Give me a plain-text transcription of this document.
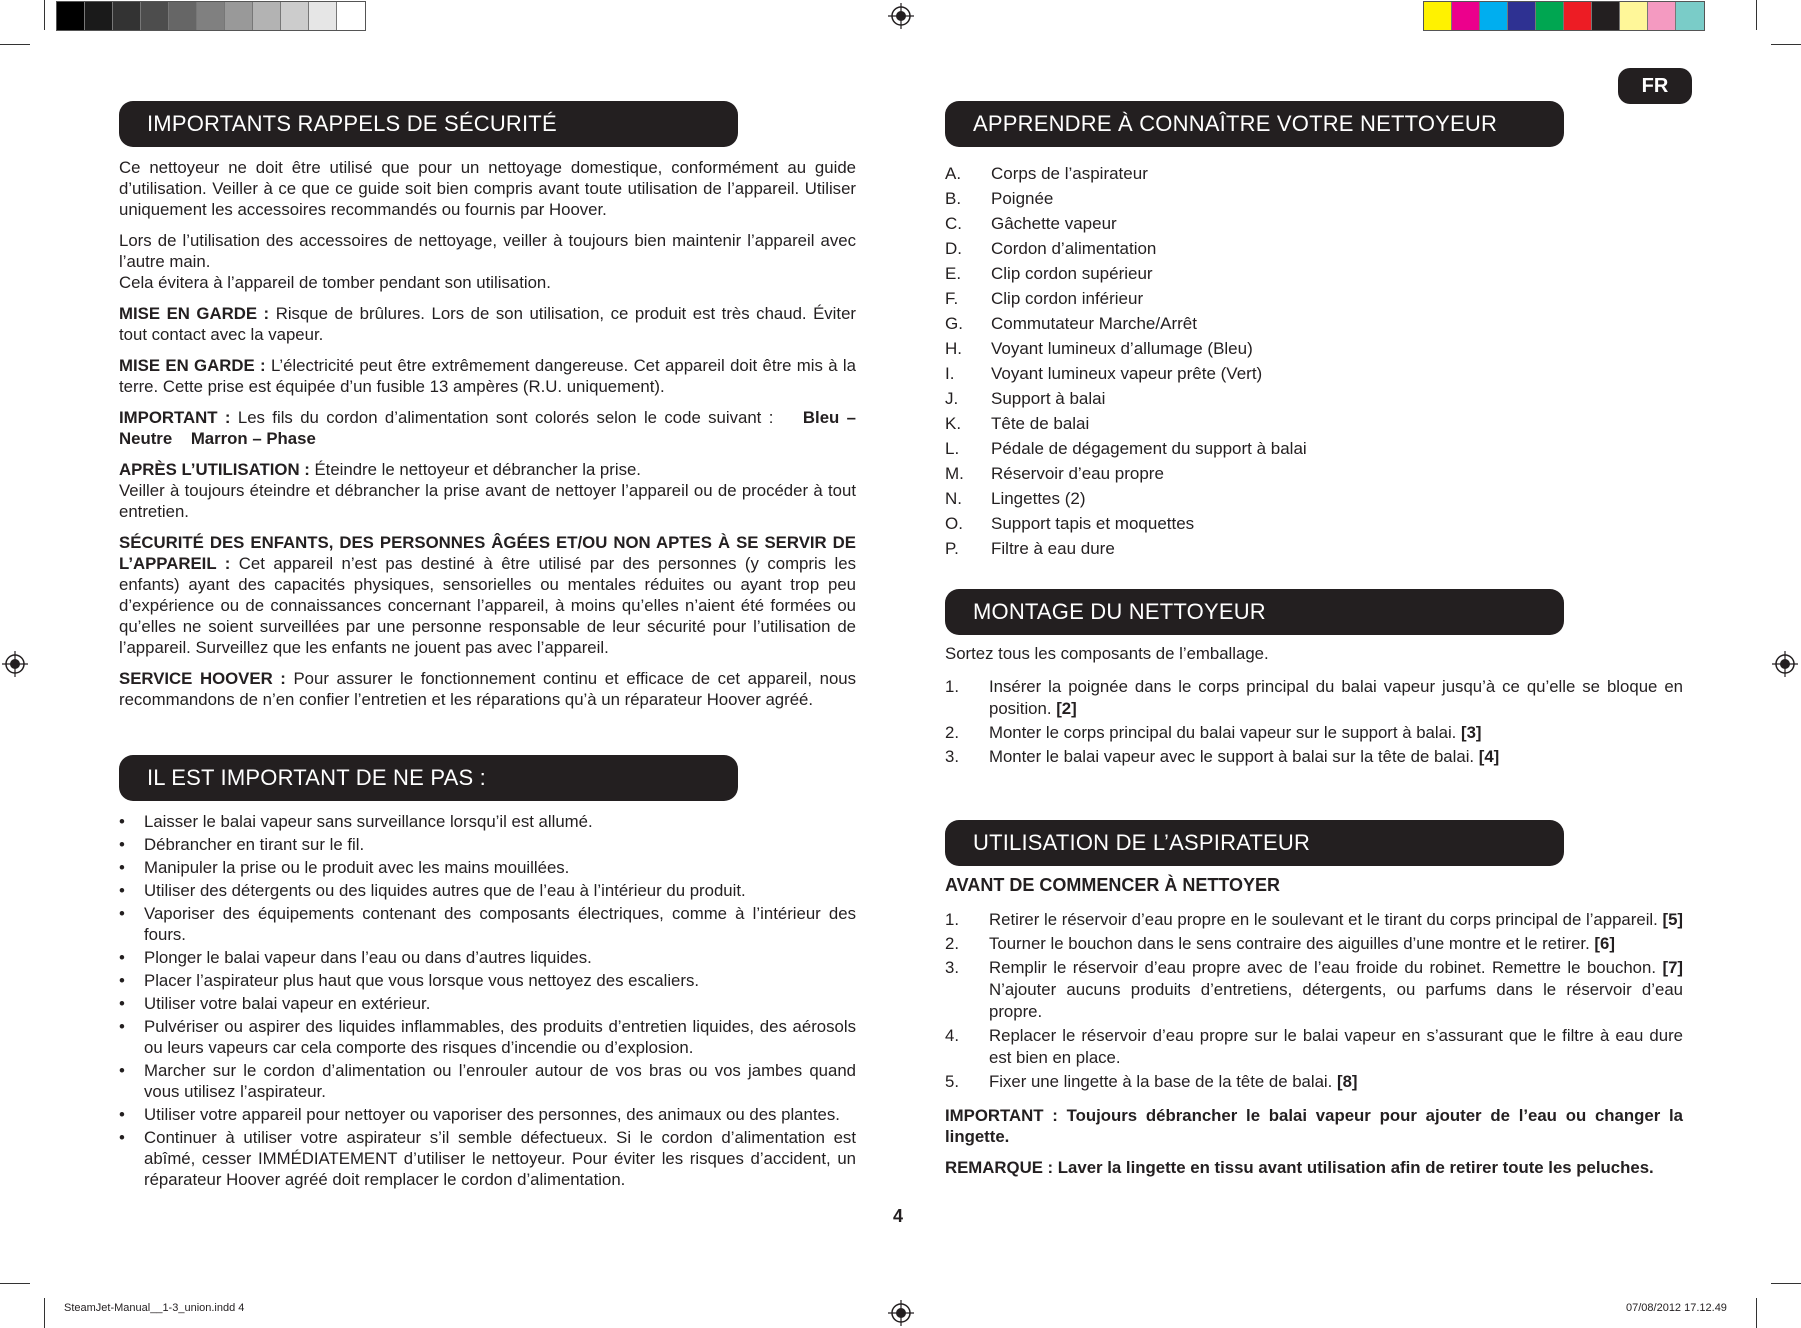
FR
IMPORTANTS RAPPELS DE SÉCURITÉ

Ce nettoyeur ne doit être utilisé que pour un nettoyage domestique, conformément au guide d’utilisation. Veiller à ce que ce guide soit bien compris avant toute utilisation de l’appareil. Utiliser uniquement les accessoires recommandés ou fournis par Hoover.

Lors de l’utilisation des accessoires de nettoyage, veiller à toujours bien maintenir l’appareil avec l’autre main.
Cela évitera à l’appareil de tomber pendant son utilisation.

MISE EN GARDE : Risque de brûlures. Lors de son utilisation, ce produit est très chaud. Éviter tout contact avec la vapeur.

MISE EN GARDE : L’électricité peut être extrêmement dangereuse. Cet appareil doit être mis à la terre. Cette prise est équipée d’un fusible 13 ampères (R.U. uniquement).

IMPORTANT : Les fils du cordon d’alimentation sont colorés selon le code suivant : Bleu – Neutre Marron – Phase

APRÈS L’UTILISATION : Éteindre le nettoyeur et débrancher la prise.
Veiller à toujours éteindre et débrancher la prise avant de nettoyer l’appareil ou de procéder à tout entretien.

SÉCURITÉ DES ENFANTS, DES PERSONNES ÂGÉES ET/OU NON APTES À SE SERVIR DE L’APPAREIL : Cet appareil n’est pas destiné à être utilisé par des personnes (y compris les enfants) ayant des capacités physiques, sensorielles ou mentales réduites ou ayant trop peu d’expérience ou de connaissances concernant l’appareil, à moins qu’elles n’aient été formées ou qu’elles ne soient surveillées par une personne responsable de leur sécurité pour l’utilisation de l’appareil. Surveillez que les enfants ne jouent pas avec l’appareil.

SERVICE HOOVER : Pour assurer le fonctionnement continu et efficace de cet appareil, nous recommandons de n’en confier l’entretien et les réparations qu’à un réparateur Hoover agréé.

IL EST IMPORTANT DE NE PAS :
• Laisser le balai vapeur sans surveillance lorsqu’il est allumé.
• Débrancher en tirant sur le fil.
• Manipuler la prise ou le produit avec les mains mouillées.
• Utiliser des détergents ou des liquides autres que de l’eau à l’intérieur du produit.
• Vaporiser des équipements contenant des composants électriques, comme à l’intérieur des fours.
• Plonger le balai vapeur dans l’eau ou dans d’autres liquides.
• Placer l’aspirateur plus haut que vous lorsque vous nettoyez des escaliers.
• Utiliser votre balai vapeur en extérieur.
• Pulvériser ou aspirer des liquides inflammables, des produits d’entretien liquides, des aérosols ou leurs vapeurs car cela comporte des risques d’incendie ou d’explosion.
• Marcher sur le cordon d’alimentation ou l’enrouler autour de vos bras ou vos jambes quand vous utilisez l’aspirateur.
• Utiliser votre appareil pour nettoyer ou vaporiser des personnes, des animaux ou des plantes.
• Continuer à utiliser votre aspirateur s’il semble défectueux. Si le cordon d’alimentation est abîmé, cesser IMMÉDIATEMENT d’utiliser le nettoyeur. Pour éviter les risques d’accident, un réparateur Hoover agréé doit remplacer le cordon d’alimentation.
APPRENDRE À CONNAÎTRE VOTRE NETTOYEUR
A.	Corps de l’aspirateur
B.	Poignée
C.	Gâchette vapeur
D.	Cordon d’alimentation
E.	Clip cordon supérieur
F.	Clip cordon inférieur
G.	Commutateur Marche/Arrêt
H.	Voyant lumineux d’allumage (Bleu)
I.	Voyant lumineux vapeur prête (Vert)
J.	Support à balai
K.	Tête de balai
L.	Pédale de dégagement du support à balai
M.	Réservoir d’eau propre
N.	Lingettes (2)
O.	Support tapis et moquettes
P.	Filtre à eau dure
MONTAGE DU NETTOYEUR

Sortez tous les composants de l’emballage.

1.	Insérer la poignée dans le corps principal du balai vapeur jusqu’à ce qu’elle se bloque en position. [2]
2.	Monter le corps principal du balai vapeur sur le support à balai. [3]
3.	Monter le balai vapeur avec le support à balai sur la tête de balai. [4]
UTILISATION DE L’ASPIRATEUR

AVANT DE COMMENCER À NETTOYER

1.	Retirer le réservoir d’eau propre en le soulevant et le tirant du corps principal de l’appareil. [5]
2.	Tourner le bouchon dans le sens contraire des aiguilles d’une montre et le retirer. [6]
3.	Remplir le réservoir d’eau propre avec de l’eau froide du robinet. Remettre le bouchon. [7] N’ajouter aucuns produits d’entretiens, détergents, ou parfums dans le réservoir d’eau propre.
4.	Replacer le réservoir d’eau propre sur le balai vapeur en s’assurant que le filtre à eau dure est bien en place.
5.	Fixer une lingette à la base de la tête de balai. [8]

IMPORTANT : Toujours débrancher le balai vapeur pour ajouter de l’eau ou changer la lingette.

REMARQUE : Laver la lingette en tissu avant utilisation afin de retirer toute les peluches.

4
SteamJet-Manual__1-3_union.indd 4	07/08/2012 17.12.49
